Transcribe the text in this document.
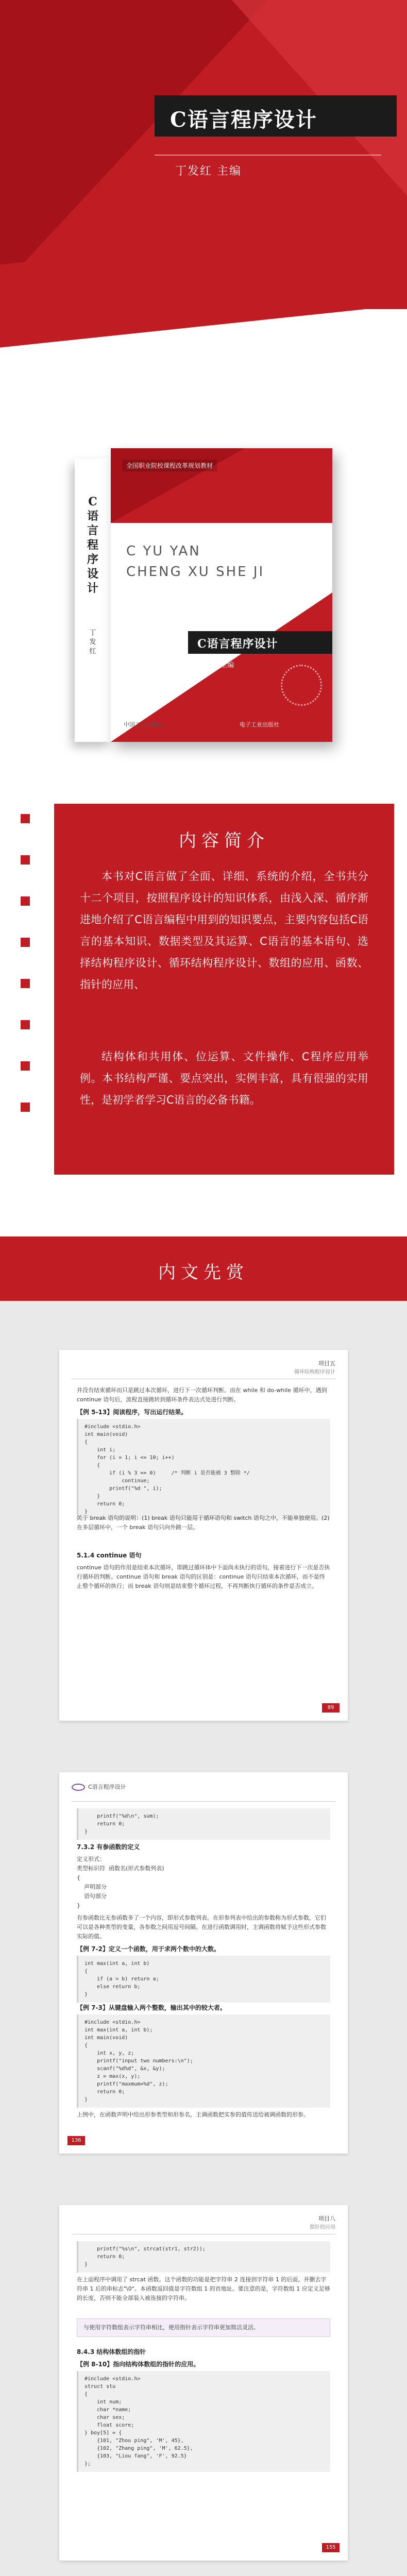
C语言程序设计
丁发红 主编
C YU YAN
CHENG XU SHE JI
C语言程序设计
丁发红
全国职业院校课程改革规划教材
C YU YAN
CHENG XU SHE JI
C语言程序设计
丁发红 主编
中国工业出版社	电子工业出版社
内容简介

本书对C语言做了全面、详细、系统的介绍，全书共分十二个项目，按照程序设计的知识体系，由浅入深、循序渐进地介绍了C语言编程中用到的知识要点，主要内容包括C语言的基本知识、数据类型及其运算、C语言的基本语句、选择结构程序设计、循环结构程序设计、数组的应用、函数、指针的应用、

结构体和共用体、位运算、文件操作、C程序应用举例。本书结构严谨、要点突出，实例丰富，具有很强的实用性，是初学者学习C语言的必备书籍。

内文先赏
项目五
循环结构程序设计

并没有结束循环而只是跳过本次循环，进行下一次循环判断。而在 while 和 do-while 循环中，遇到 continue 语句后，流程直接跳转到循环条件表达式处进行判断。

【例 5-13】阅读程序，写出运行结果。
#include <stdio.h>
int main(void)
{
int i;
for (i = 1; i <= 10; i++)
{
if (i % 3 == 0)     /* 判断 i 是否能被 3 整除 */
continue;
printf("%d ", i);
}
return 0;
}

关于 break 语句的说明：(1) break 语句只能用于循环语句和 switch 语句之中，不能单独使用。(2) 在多层循环中，一个 break 语句只向外跳一层。

5.1.4 continue 语句

continue 语句的作用是结束本次循环，即跳过循环体中下面尚未执行的语句，接着进行下一次是否执行循环的判断。continue 语句和 break 语句的区别是：continue 语句只结束本次循环，而不是终止整个循环的执行；而 break 语句则是结束整个循环过程，不再判断执行循环的条件是否成立。

89
C语言程序设计
printf("%d\n", sum);
return 0;
}
7.3.2 有参函数的定义

定义形式：
类型标识符  函数名(形式参数列表)
{
声明部分
语句部分
}

有参函数比无参函数多了一个内容，即形式参数列表。在形参列表中给出的参数称为形式参数，它们可以是各种类型的变量，各参数之间用逗号间隔。在进行函数调用时，主调函数将赋予这些形式参数实际的值。

【例 7-2】定义一个函数，用于求两个数中的大数。
int max(int a, int b)
{
if (a > b) return a;
else return b;
}
【例 7-3】从键盘输入两个整数，输出其中的较大者。
#include <stdio.h>
int max(int a, int b);
int main(void)
{
int x, y, z;
printf("input two numbers:\n");
scanf("%d%d", &x, &y);
z = max(x, y);
printf("maxmum=%d", z);
return 0;
}

上例中，在函数声明中给出形参类型和形参名，主调函数把实参的值传送给被调函数的形参。

136
项目八
指针的应用
printf("%s\n", strcat(str1, str2));
return 0;
}

在上面程序中调用了 strcat 函数。这个函数的功能是把字符串 2 连接到字符串 1 的后面，并删去字符串 1 后的串标志"\0"。本函数返回值是字符数组 1 的首地址。要注意的是，字符数组 1 应定义足够的长度，否则不能全部装入被连接的字符串。

与使用字符数组表示字符串相比，使用指针表示字符串更加简洁灵活。
8.4.3 结构体数组的指针
【例 8-10】指向结构体数组的指针的应用。
#include <stdio.h>
struct stu
{
int num;
char *name;
char sex;
float score;
} boy[5] = {
{101, "Zhou ping", 'M', 45},
{102, "Zhang ping", 'M', 62.5},
{103, "Liou fang", 'F', 92.5}
};
155
